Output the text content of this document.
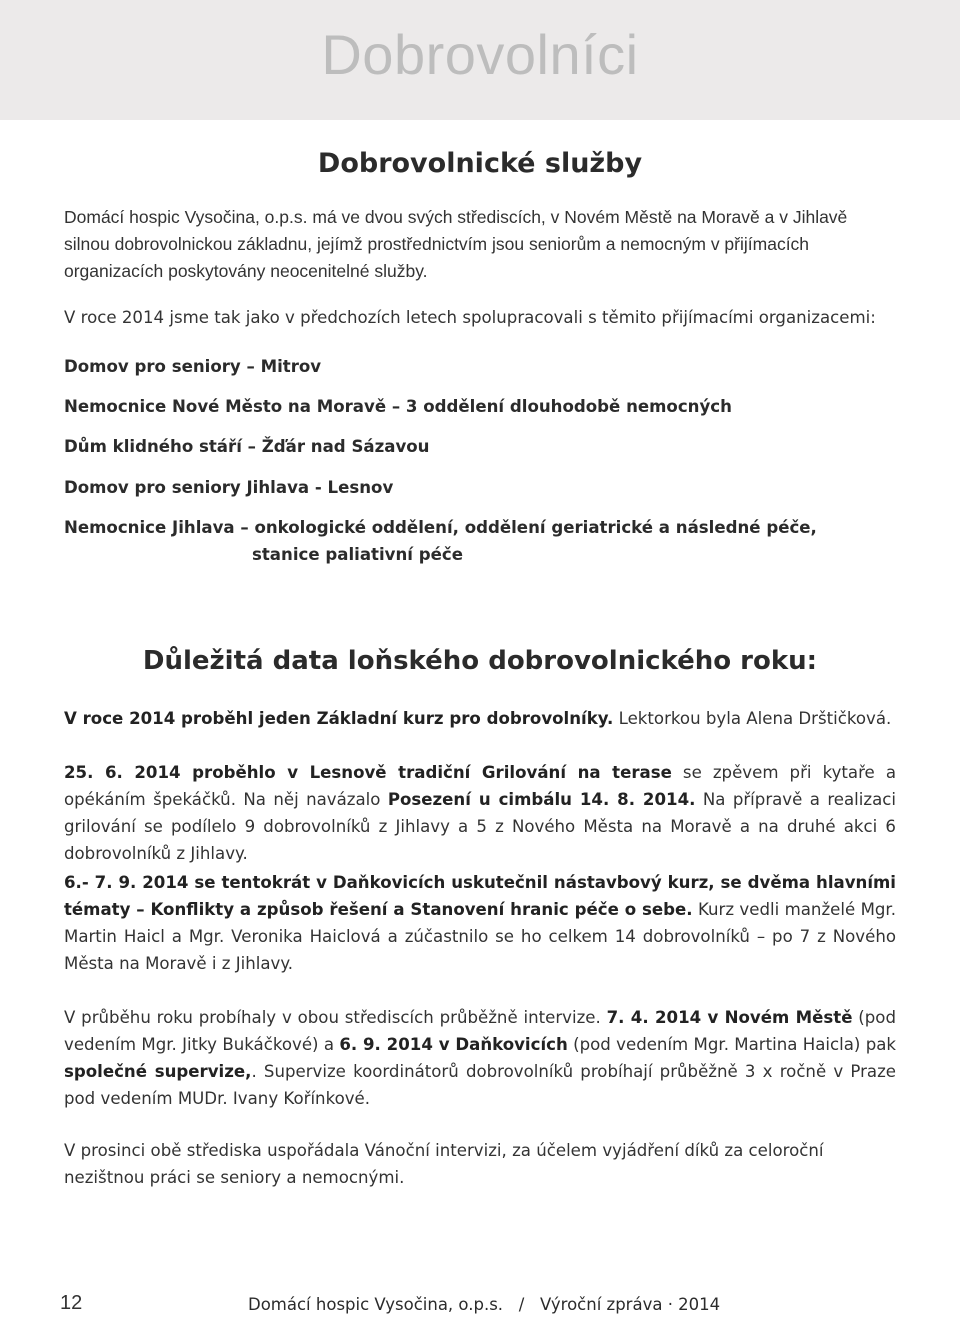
Dobrovolníci
Dobrovolnické služby
Domácí hospic Vysočina, o.p.s. má ve dvou svých střediscích, v Novém Městě na Moravě a v Jihlavě silnou dobrovolnickou základnu, jejímž prostřednictvím jsou seniorům a nemocným v přijímacích organizacích poskytovány neocenitelné služby.
V roce 2014 jsme tak jako v předchozích letech spolupracovali s těmito přijímacími organizacemi:
Domov pro seniory – Mitrov
Nemocnice Nové Město na Moravě – 3 oddělení dlouhodobě nemocných
Dům klidného stáří – Žďár nad Sázavou
Domov pro seniory Jihlava - Lesnov
Nemocnice Jihlava – onkologické oddělení, oddělení geriatrické a následné péče,
stanice paliativní péče
Důležitá data loňského dobrovolnického roku:
V roce 2014 proběhl jeden Základní kurz pro dobrovolníky. Lektorkou byla Alena Drštičková.
25. 6. 2014 proběhlo v Lesnově tradiční Grilování na terase se zpěvem při kytaře a opékáním špekáčků. Na něj navázalo Posezení u cimbálu 14. 8. 2014. Na přípravě a realizaci grilování se podílelo 9 dobrovolníků z Jihlavy a 5 z Nového Města na Moravě a na druhé akci 6 dobrovolníků z Jihlavy.
6.- 7. 9. 2014 se tentokrát v Daňkovicích uskutečnil nástavbový kurz, se dvěma hlavními tématy – Konflikty a způsob řešení a Stanovení hranic péče o sebe. Kurz vedli manželé Mgr. Martin Haicl a Mgr. Veronika Haiclová a zúčastnilo se ho celkem 14 dobrovolníků – po 7 z Nového Města na Moravě i z Jihlavy.
V průběhu roku probíhaly v obou střediscích průběžně intervize. 7. 4. 2014 v Novém Městě (pod vedením Mgr. Jitky Bukáčkové) a 6. 9. 2014 v Daňkovicích (pod vedením Mgr. Martina Haicla) pak společné supervize,. Supervize koordinátorů dobrovolníků probíhají průběžně 3 x ročně v Praze pod vedením MUDr. Ivany Kořínkové.
V prosinci obě střediska uspořádala Vánoční intervizi, za účelem vyjádření díků za celoroční nezištnou práci se seniory a nemocnými.
12	Domácí hospic Vysočina, o.p.s.   /   Výroční zpráva · 2014
